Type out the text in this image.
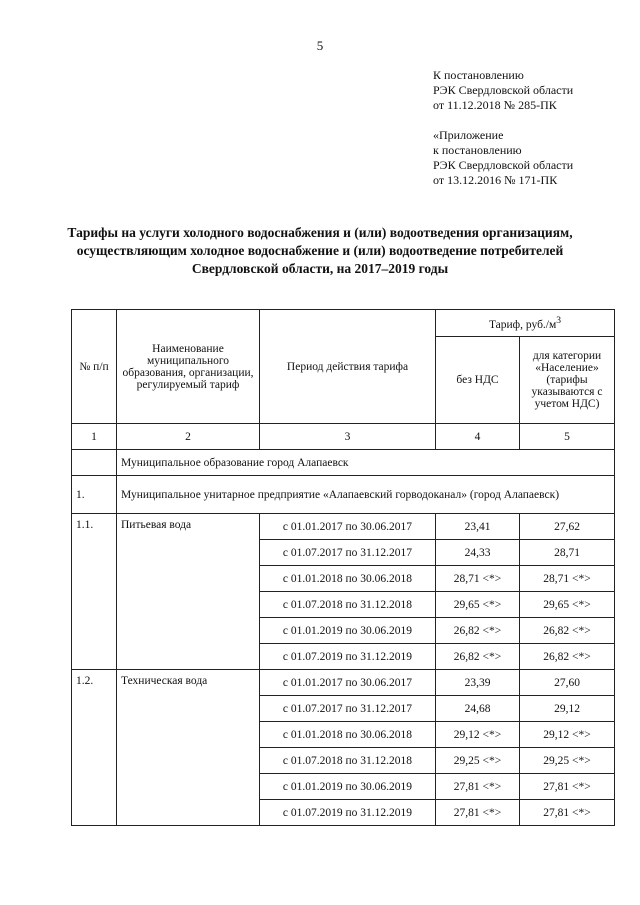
5
К постановлению
РЭК Свердловской области
от 11.12.2018 № 285-ПК
«Приложение
к постановлению
РЭК Свердловской области
от 13.12.2016 № 171-ПК
Тарифы на услуги холодного водоснабжения и (или) водоотведения организациям, осуществляющим холодное водоснабжение и (или) водоотведение потребителей Свердловской области, на 2017–2019 годы
№ п/п	Наименование муниципального образования, организации, регулируемый тариф	Период действия тарифа	Тариф, $руб./м^3$
			без НДС	для категории «Население» (тарифы указываются с учетом НДС)
1	2	3	4	5
	Муниципальное образование город Алапаевск			
1.	Муниципальное унитарное предприятие «Алапаевский горводоканал» (город Алапаевск)			
1.1.	Питьевая вода	с 01.01.2017 по 30.06.2017	23,41	27,62
		с 01.07.2017 по 31.12.2017	24,33	28,71
		с 01.01.2018 по 30.06.2018	28,71 <*>	28,71 <*>
		с 01.07.2018 по 31.12.2018	29,65 <*>	29,65 <*>
		с 01.01.2019 по 30.06.2019	26,82 <*>	26,82 <*>
		с 01.07.2019 по 31.12.2019	26,82 <*>	26,82 <*>
1.2.	Техническая вода	с 01.01.2017 по 30.06.2017	23,39	27,60
		с 01.07.2017 по 31.12.2017	24,68	29,12
		с 01.01.2018 по 30.06.2018	29,12 <*>	29,12 <*>
		с 01.07.2018 по 31.12.2018	29,25 <*>	29,25 <*>
		с 01.01.2019 по 30.06.2019	27,81 <*>	27,81 <*>
		с 01.07.2019 по 31.12.2019	27,81 <*>	27,81 <*>
